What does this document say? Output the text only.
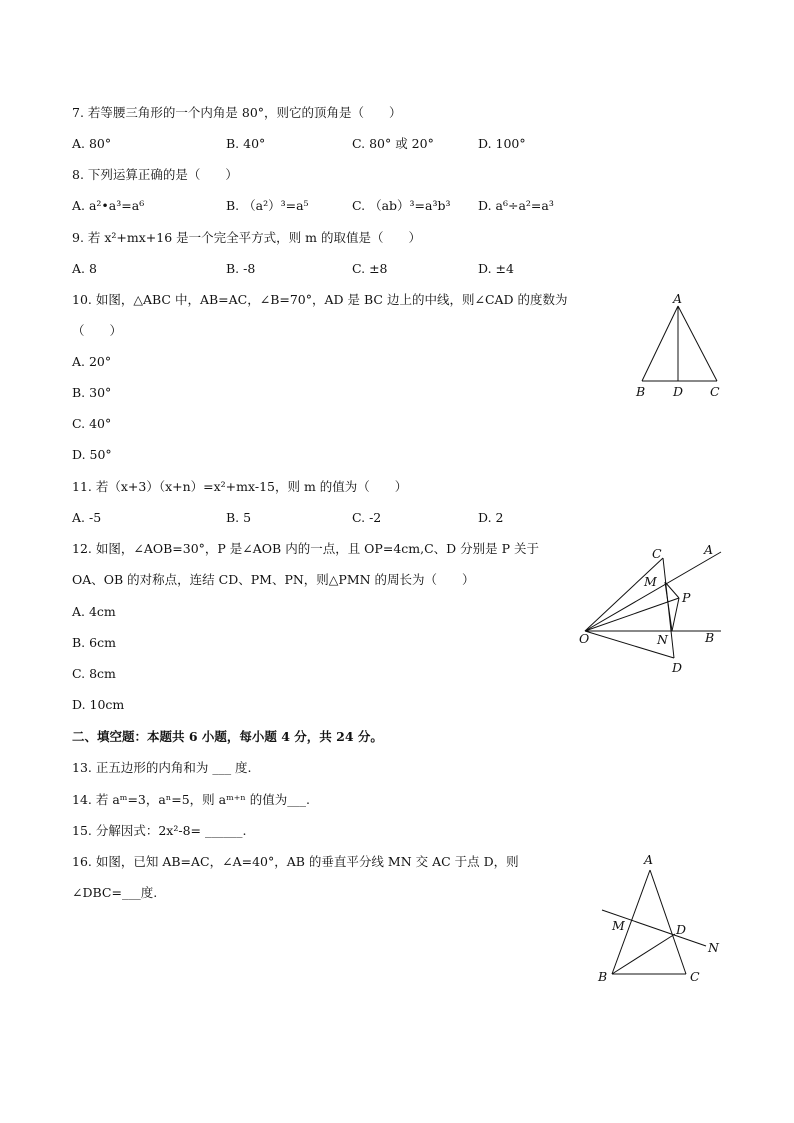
7. 若等腰三角形的一个内角是 80°，则它的顶角是（　　）
A. 80°	B. 40°	C. 80° 或 20°	D. 100°
8. 下列运算正确的是（　　）
A. a²•a³=a⁶	B. （a²）³=a⁵	C. （ab）³=a³b³ D. a⁶÷a²=a³
9. 若 x²+mx+16 是一个完全平方式，则 m 的取值是（　　）
A. 8	B. -8	C. ±8	D. ±4
10. 如图，△ABC 中，AB=AC，∠B=70°，AD 是 BC 边上的中线，则∠CAD 的度数为
（　　）
A. 20°
B. 30°
C. 40°
D. 50°
A
B D C
11. 若（x+3）（x+n）=x²+mx-15，则 m 的值为（　　）
A. -5	B. 5	C. -2	D. 2
12. 如图，∠AOB=30°，P 是∠AOB 内的一点，且 OP=4cm,C、D 分别是 P 关于
OA、OB 的对称点，连结 CD、PM、PN，则△PMN 的周长为（　　）
A. 4cm
B. 6cm
C. 8cm
D. 10cm
C	A
M
P
O	N	B
D
二、填空题：本题共 6 小题，每小题 4 分，共 24 分。
13. 正五边形的内角和为 ___ 度.
14. 若 aᵐ=3，aⁿ=5，则 aᵐ⁺ⁿ 的值为___.
15. 分解因式：2x²-8= ______.
16. 如图，已知 AB=AC，∠A=40°，AB 的垂直平分线 MN 交 AC 于点 D，则
∠DBC=___度.
A
M	D
N
B	C
